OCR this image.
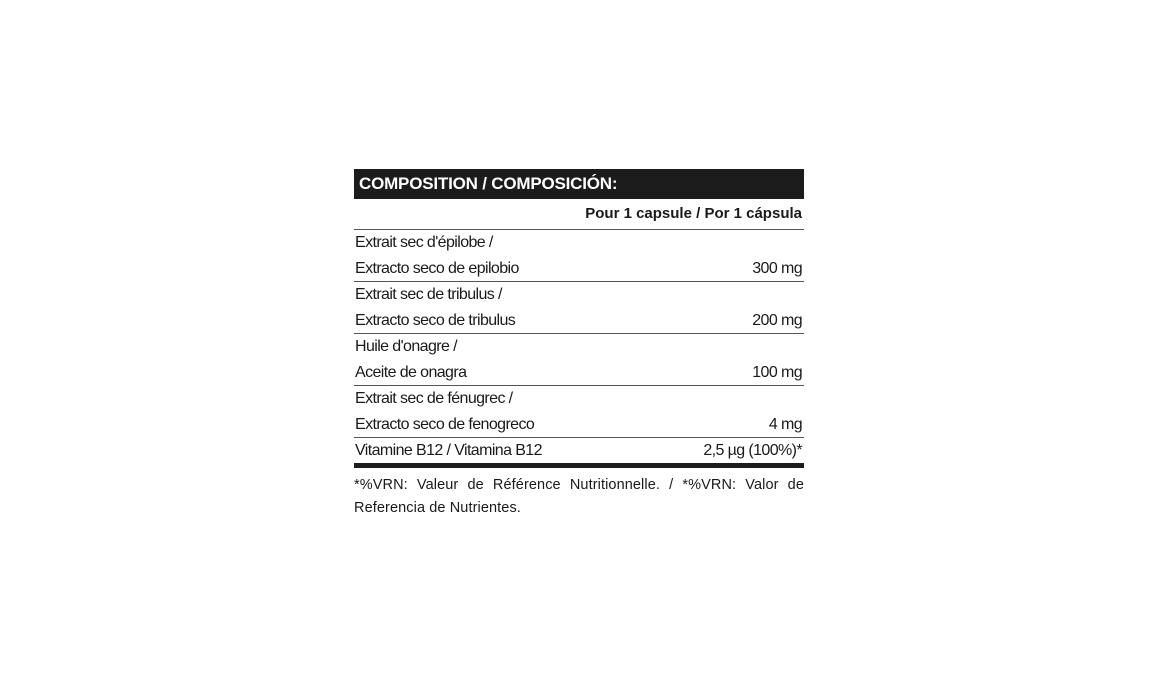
COMPOSITION / COMPOSICIÓN:
Pour 1 capsule / Por 1 cápsula
Extrait sec d'épilobe /
Extracto seco de epilobio	300 mg
Extrait sec de tribulus /
Extracto seco de tribulus	200 mg
Huile d'onagre /
Aceite de onagra	100 mg
Extrait sec de fénugrec /
Extracto seco de fenogreco	4 mg
Vitamine B12 / Vitamina B12	2,5 µg (100%)*
*%VRN: Valeur de Référence Nutritionnelle. / *%VRN: Valor de Referencia de Nutrientes.
